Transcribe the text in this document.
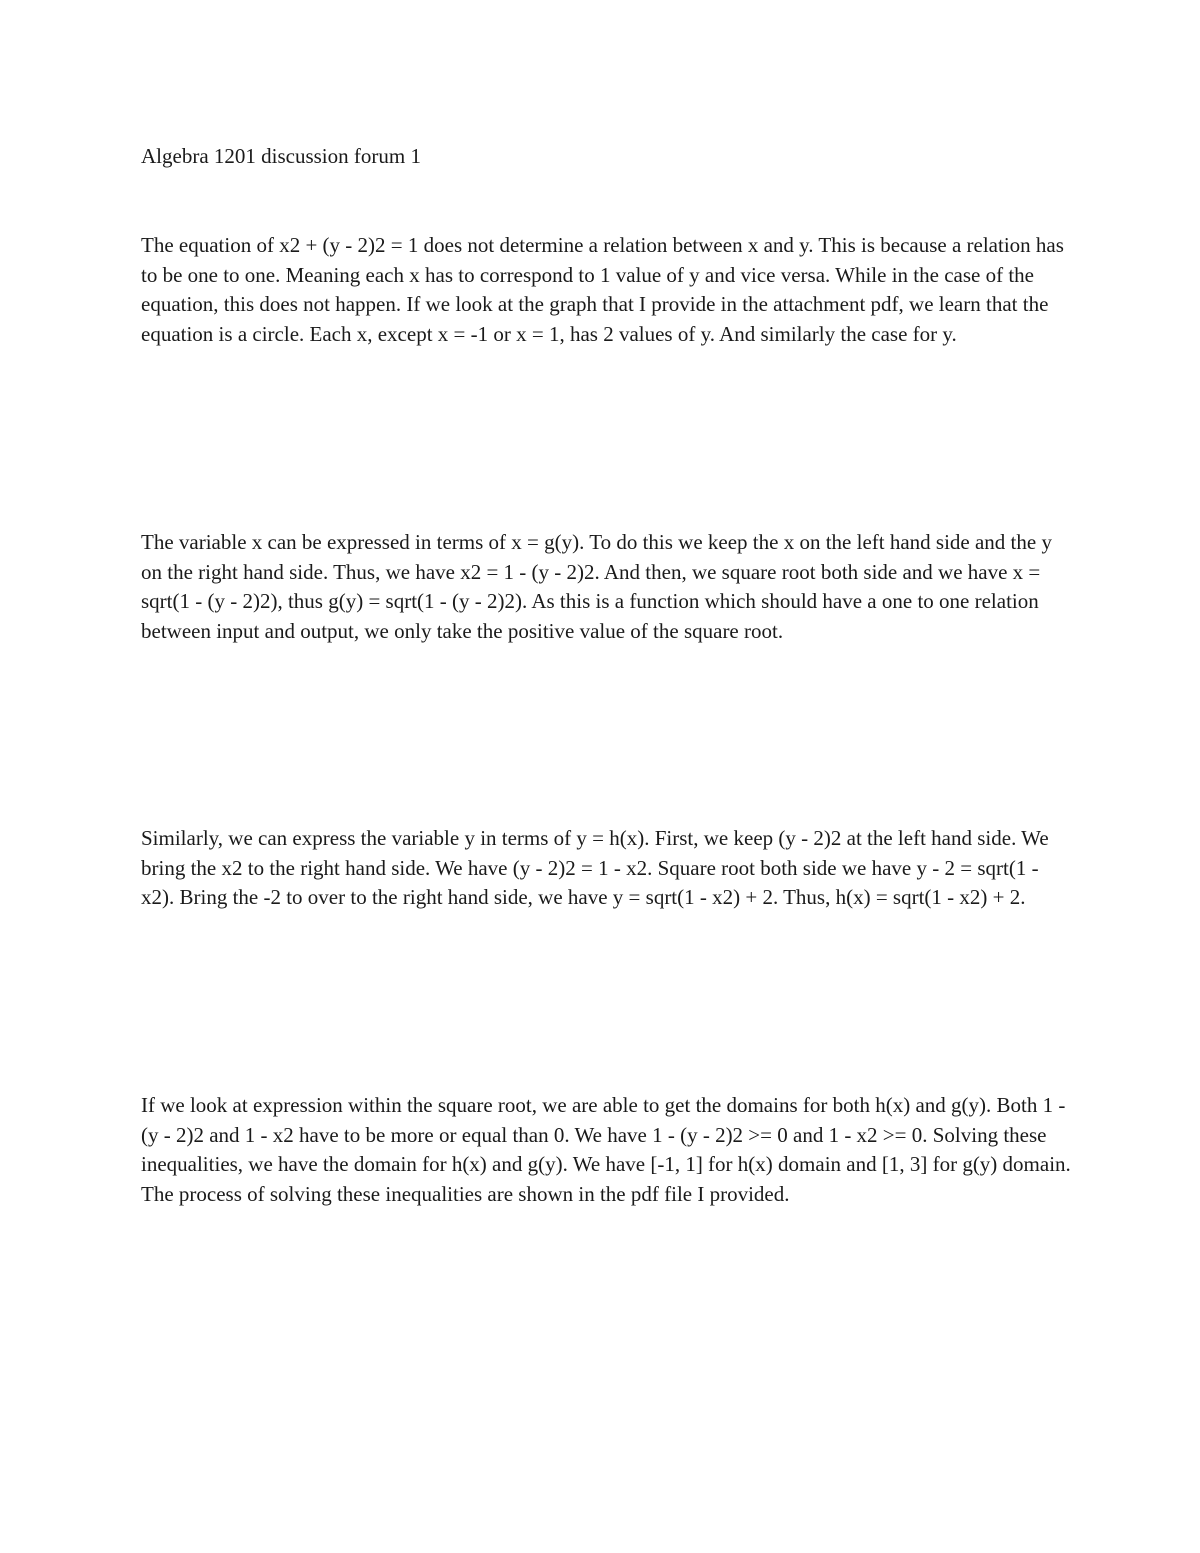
Algebra 1201 discussion forum 1

The equation of x2 + (y - 2)2 = 1 does not determine a relation between x and y. This is because a relation has to be one to one. Meaning each x has to correspond to 1 value of y and vice versa. While in the case of the equation, this does not happen. If we look at the graph that I provide in the attachment pdf, we learn that the equation is a circle. Each x, except x = -1 or x = 1, has 2 values of y. And similarly the case for y.

The variable x can be expressed in terms of x = g(y). To do this we keep the x on the left hand side and the y on the right hand side. Thus, we have x2 = 1 - (y - 2)2. And then, we square root both side and we have x = sqrt(1 - (y - 2)2), thus g(y) = sqrt(1 - (y - 2)2). As this is a function which should have a one to one relation between input and output, we only take the positive value of the square root.

Similarly, we can express the variable y in terms of y = h(x). First, we keep (y - 2)2 at the left hand side. We bring the x2 to the right hand side. We have (y - 2)2 = 1 - x2. Square root both side we have y - 2 = sqrt(1 - x2). Bring the -2 to over to the right hand side, we have y = sqrt(1 - x2) + 2. Thus, h(x) = sqrt(1 - x2) + 2.

If we look at expression within the square root, we are able to get the domains for both h(x) and g(y). Both 1 - (y - 2)2 and 1 - x2 have to be more or equal than 0. We have 1 - (y - 2)2 >= 0 and 1 - x2 >= 0. Solving these inequalities, we have the domain for h(x) and g(y). We have [-1, 1] for h(x) domain and [1, 3] for g(y) domain. The process of solving these inequalities are shown in the pdf file I provided.
